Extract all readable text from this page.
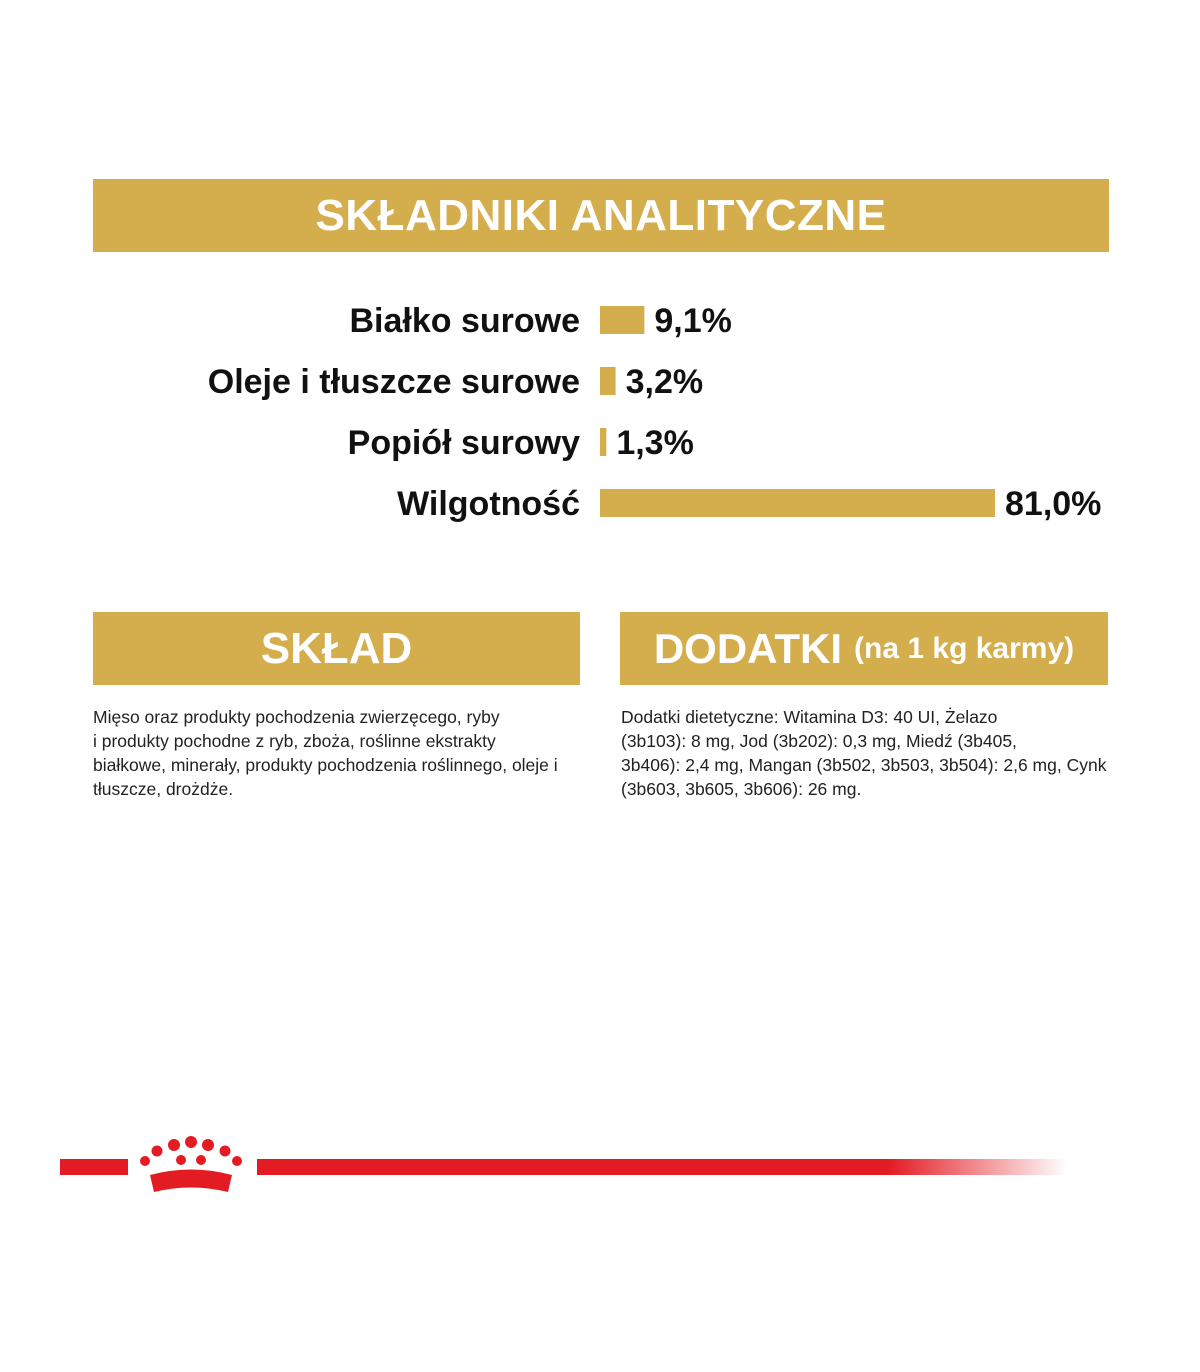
SKŁADNIKI ANALITYCZNE
Białko surowe 9,1%
Oleje i tłuszcze surowe 3,2%
Popiół surowy 1,3%
Wilgotność	81,0%
SKŁAD	DODATKI (na 1 kg karmy)

Mięso oraz produkty pochodzenia zwierzęcego, ryby
i produkty pochodne z ryb, zboża, roślinne ekstrakty
białkowe, minerały, produkty pochodzenia roślinnego, oleje i
tłuszcze, drożdże.

Dodatki dietetyczne: Witamina D3: 40 UI, Żelazo
(3b103): 8 mg, Jod (3b202): 0,3 mg, Miedź (3b405,
3b406): 2,4 mg, Mangan (3b502, 3b503, 3b504): 2,6 mg, Cynk
(3b603, 3b605, 3b606): 26 mg.
